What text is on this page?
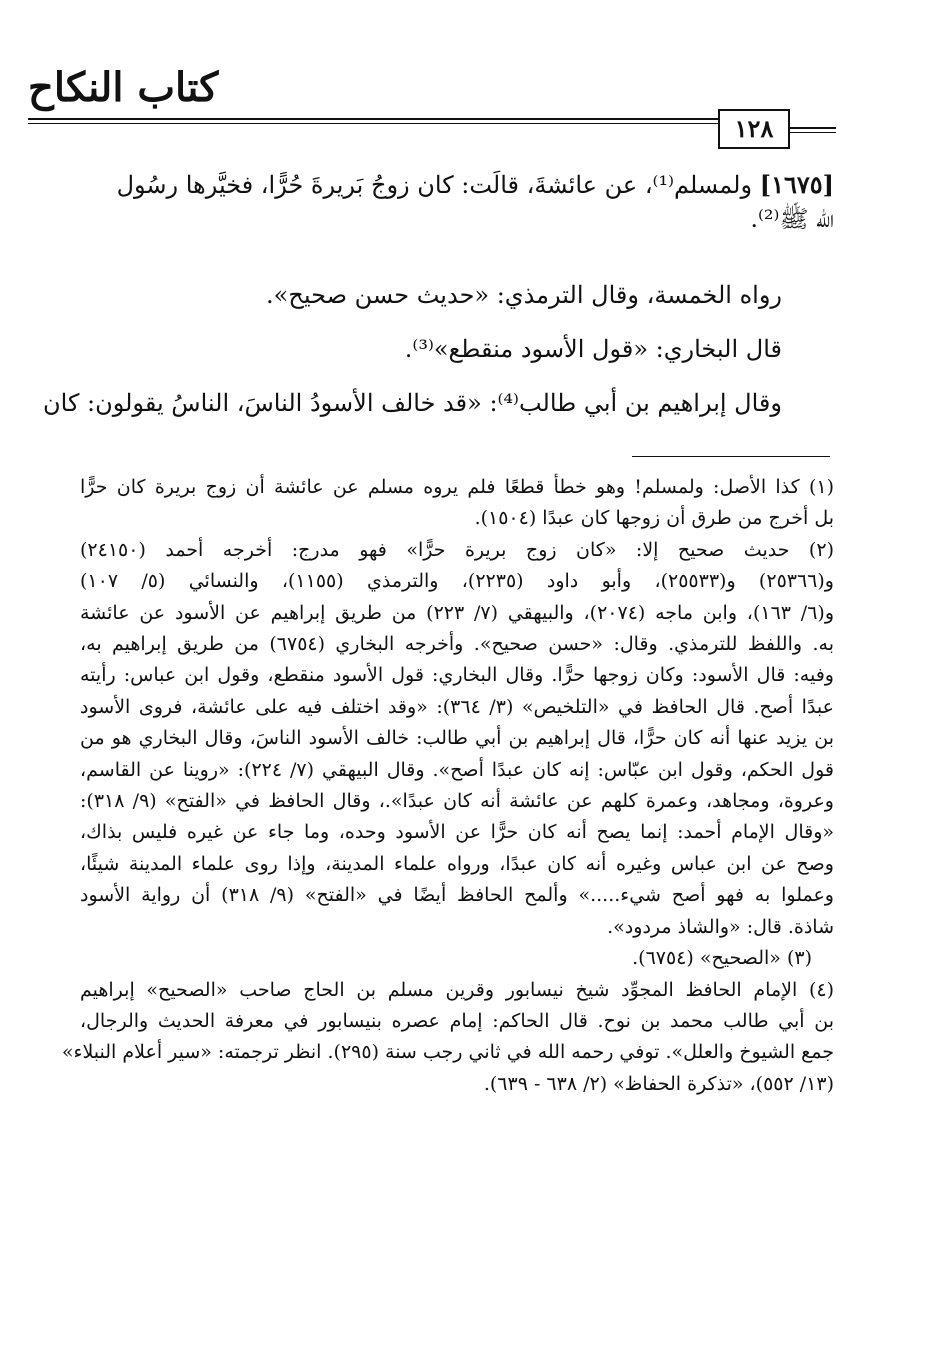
كتاب النكاح
١٢٨
[١٦٧٥] ولمسلم⁽¹⁾، عن عائشةَ، قالَت: كان زوجُ بَريرةَ حُرًّا، فخيَّرها رسُول
الله ﷺ⁽²⁾.
رواه الخمسة، وقال الترمذي: «حديث حسن صحيح».
قال البخاري: «قول الأسود منقطع»⁽³⁾.
وقال إبراهيم بن أبي طالب⁽⁴⁾: «قد خالف الأسودُ الناسَ، الناسُ يقولون: كان
(١) كذا الأصل: ولمسلم! وهو خطأ قطعًا فلم يروه مسلم عن عائشة أن زوج بريرة كان حرًّا
بل أخرج من طرق أن زوجها كان عبدًا (١٥٠٤).
(٢) حديث صحيح إلا: «كان زوج بريرة حرًّا» فهو مدرج: أخرجه أحمد (٢٤١٥٠)
و(٢٥٣٦٦) و(٢٥٥٣٣)، وأبو داود (٢٢٣٥)، والترمذي (١١٥٥)، والنسائي (٥/ ١٠٧)
و(٦/ ١٦٣)، وابن ماجه (٢٠٧٤)، والبيهقي (٧/ ٢٢٣) من طريق إبراهيم عن الأسود عن عائشة
به. واللفظ للترمذي. وقال: «حسن صحيح». وأخرجه البخاري (٦٧٥٤) من طريق إبراهيم به،
وفيه: قال الأسود: وكان زوجها حرًّا. وقال البخاري: قول الأسود منقطع، وقول ابن عباس: رأيته
عبدًا أصح. قال الحافظ في «التلخيص» (٣/ ٣٦٤): «وقد اختلف فيه على عائشة، فروى الأسود
بن يزيد عنها أنه كان حرًّا، قال إبراهيم بن أبي طالب: خالف الأسود الناسَ، وقال البخاري هو من
قول الحكم، وقول ابن عبّاس: إنه كان عبدًا أصح». وقال البيهقي (٧/ ٢٢٤): «روينا عن القاسم،
وعروة، ومجاهد، وعمرة كلهم عن عائشة أنه كان عبدًا».، وقال الحافظ في «الفتح» (٩/ ٣١٨):
«وقال الإمام أحمد: إنما يصح أنه كان حرًّا عن الأسود وحده، وما جاء عن غيره فليس بذاك،
وصح عن ابن عباس وغيره أنه كان عبدًا، ورواه علماء المدينة، وإذا روى علماء المدينة شيئًا،
وعملوا به فهو أصح شيء.....» وألمح الحافظ أيضًا في «الفتح» (٩/ ٣١٨) أن رواية الأسود
شاذة. قال: «والشاذ مردود».
(٣) «الصحيح» (٦٧٥٤).
(٤) الإمام الحافظ المجوِّد شيخ نيسابور وقرين مسلم بن الحاج صاحب «الصحيح» إبراهيم
بن أبي طالب محمد بن نوح. قال الحاكم: إمام عصره بنيسابور في معرفة الحديث والرجال،
جمع الشيوخ والعلل». توفي رحمه الله في ثاني رجب سنة (٢٩٥). انظر ترجمته: «سير أعلام النبلاء»
(١٣/ ٥٥٢)، «تذكرة الحفاظ» (٢/ ٦٣٨ - ٦٣٩).
